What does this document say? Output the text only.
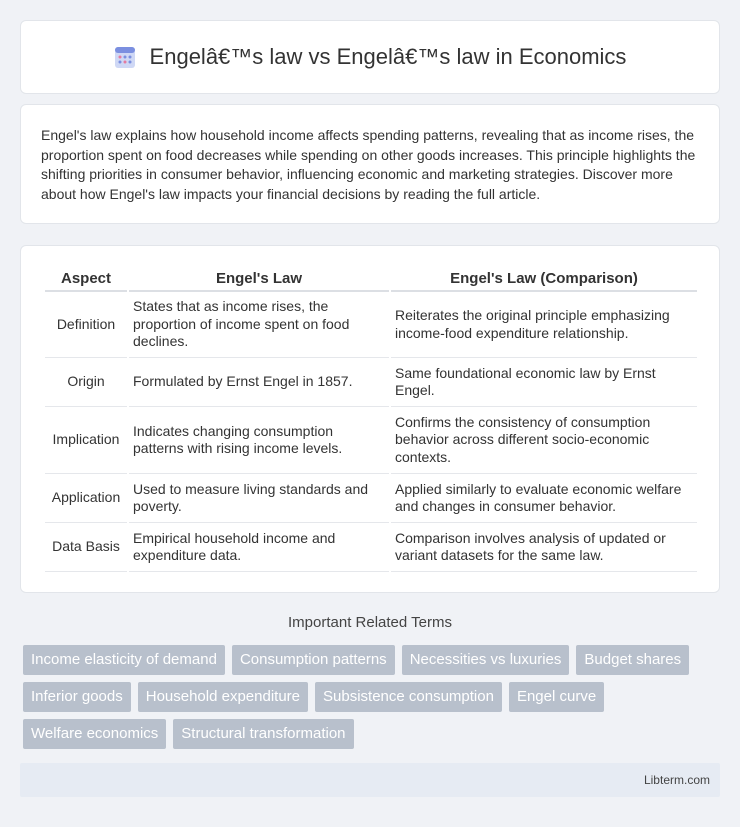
Engelâ€™s law vs Engelâ€™s law in Economics

Engel's law explains how household income affects spending patterns, revealing that as income rises, the proportion spent on food decreases while spending on other goods increases. This principle highlights the shifting priorities in consumer behavior, influencing economic and marketing strategies. Discover more about how Engel's law impacts your financial decisions by reading the full article.

Aspect	Engel's Law	Engel's Law (Comparison)
Definition	States that as income rises, the proportion of income spent on food declines.	Reiterates the original principle emphasizing income-food expenditure relationship.
Origin	Formulated by Ernst Engel in 1857.	Same foundational economic law by Ernst Engel.
Implication	Indicates changing consumption patterns with rising income levels.	Confirms the consistency of consumption behavior across different socio-economic contexts.
Application	Used to measure living standards and poverty.	Applied similarly to evaluate economic welfare and changes in consumer behavior.
Data Basis	Empirical household income and expenditure data.	Comparison involves analysis of updated or variant datasets for the same law.
Important Related Terms
Income elasticity of demand	Consumption patterns	Necessities vs luxuries	Budget shares
Inferior goods	Household expenditure	Subsistence consumption	Engel curve
Welfare economics	Structural transformation
Libterm.com
